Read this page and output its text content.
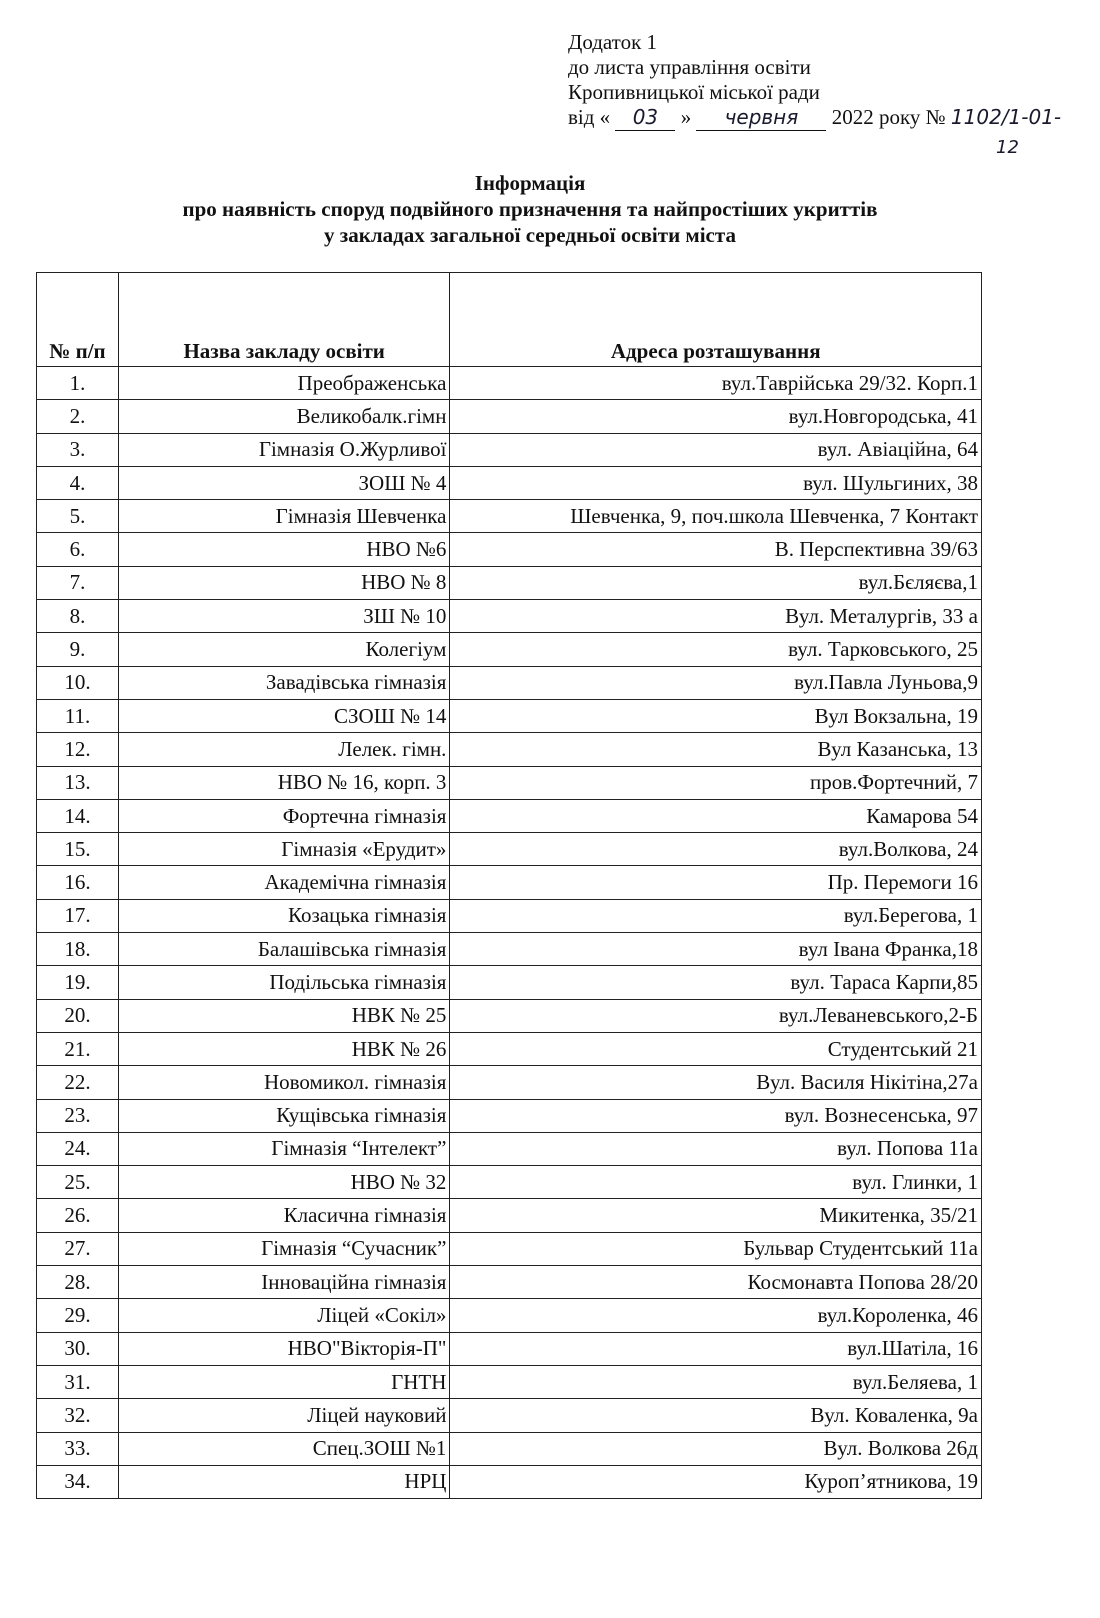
Додаток 1
до листа управління освіти
Кропивницької міської ради
від « 03 » червня 2022 року № 1102/1-01-
12
Інформація
про наявність споруд подвійного призначення та найпростіших укриттів
у закладах загальної середньої освіти міста
№ п/п	Назва закладу освіти	Адреса розташування
1.	Преображенська	вул.Таврійська 29/32. Корп.1
2.	Великобалк.гімн	вул.Новгородська, 41
3.	Гімназія О.Журливої	вул. Авіаційна, 64
4.	ЗОШ № 4	вул. Шульгиних, 38
5.	Гімназія Шевченка	Шевченка, 9, поч.школа Шевченка, 7 Контакт
6.	НВО №6	В. Перспективна 39/63
7.	НВО № 8	вул.Бєляєва,1
8.	ЗШ № 10	Вул. Металургів, 33 а
9.	Колегіум	вул. Тарковського, 25
10.	Завадівська гімназія	вул.Павла Луньова,9
11.	СЗОШ № 14	Вул Вокзальна, 19
12.	Лелек. гімн.	Вул Казанська, 13
13.	НВО № 16, корп. 3	пров.Фортечний, 7
14.	Фортечна гімназія	Камарова 54
15.	Гімназія «Ерудит»	вул.Волкова, 24
16.	Академічна гімназія	Пр. Перемоги 16
17.	Козацька гімназія	вул.Берегова, 1
18.	Балашівська гімназія	вул Івана Франка,18
19.	Подільська гімназія	вул. Тараса Карпи,85
20.	НВК № 25	вул.Леваневського,2-Б
21.	НВК № 26	Студентський 21
22.	Новомикол. гімназія	Вул. Василя Нікітіна,27а
23.	Кущівська гімназія	вул. Вознесенська, 97
24.	Гімназія “Інтелект”	вул. Попова 11а
25.	НВО № 32	вул. Глинки, 1
26.	Класична гімназія	Микитенка, 35/21
27.	Гімназія “Сучасник”	Бульвар Студентський 11а
28.	Інноваційна гімназія	Космонавта Попова 28/20
29.	Ліцей «Сокіл»	вул.Короленка, 46
30.	НВО"Вікторія-П"	вул.Шатіла, 16
31.	ГНТН	вул.Беляева, 1
32.	Ліцей науковий	Вул. Коваленка, 9а
33.	Спец.ЗОШ №1	Вул. Волкова 26д
34.	НРЦ	Куроп’ятникова, 19
